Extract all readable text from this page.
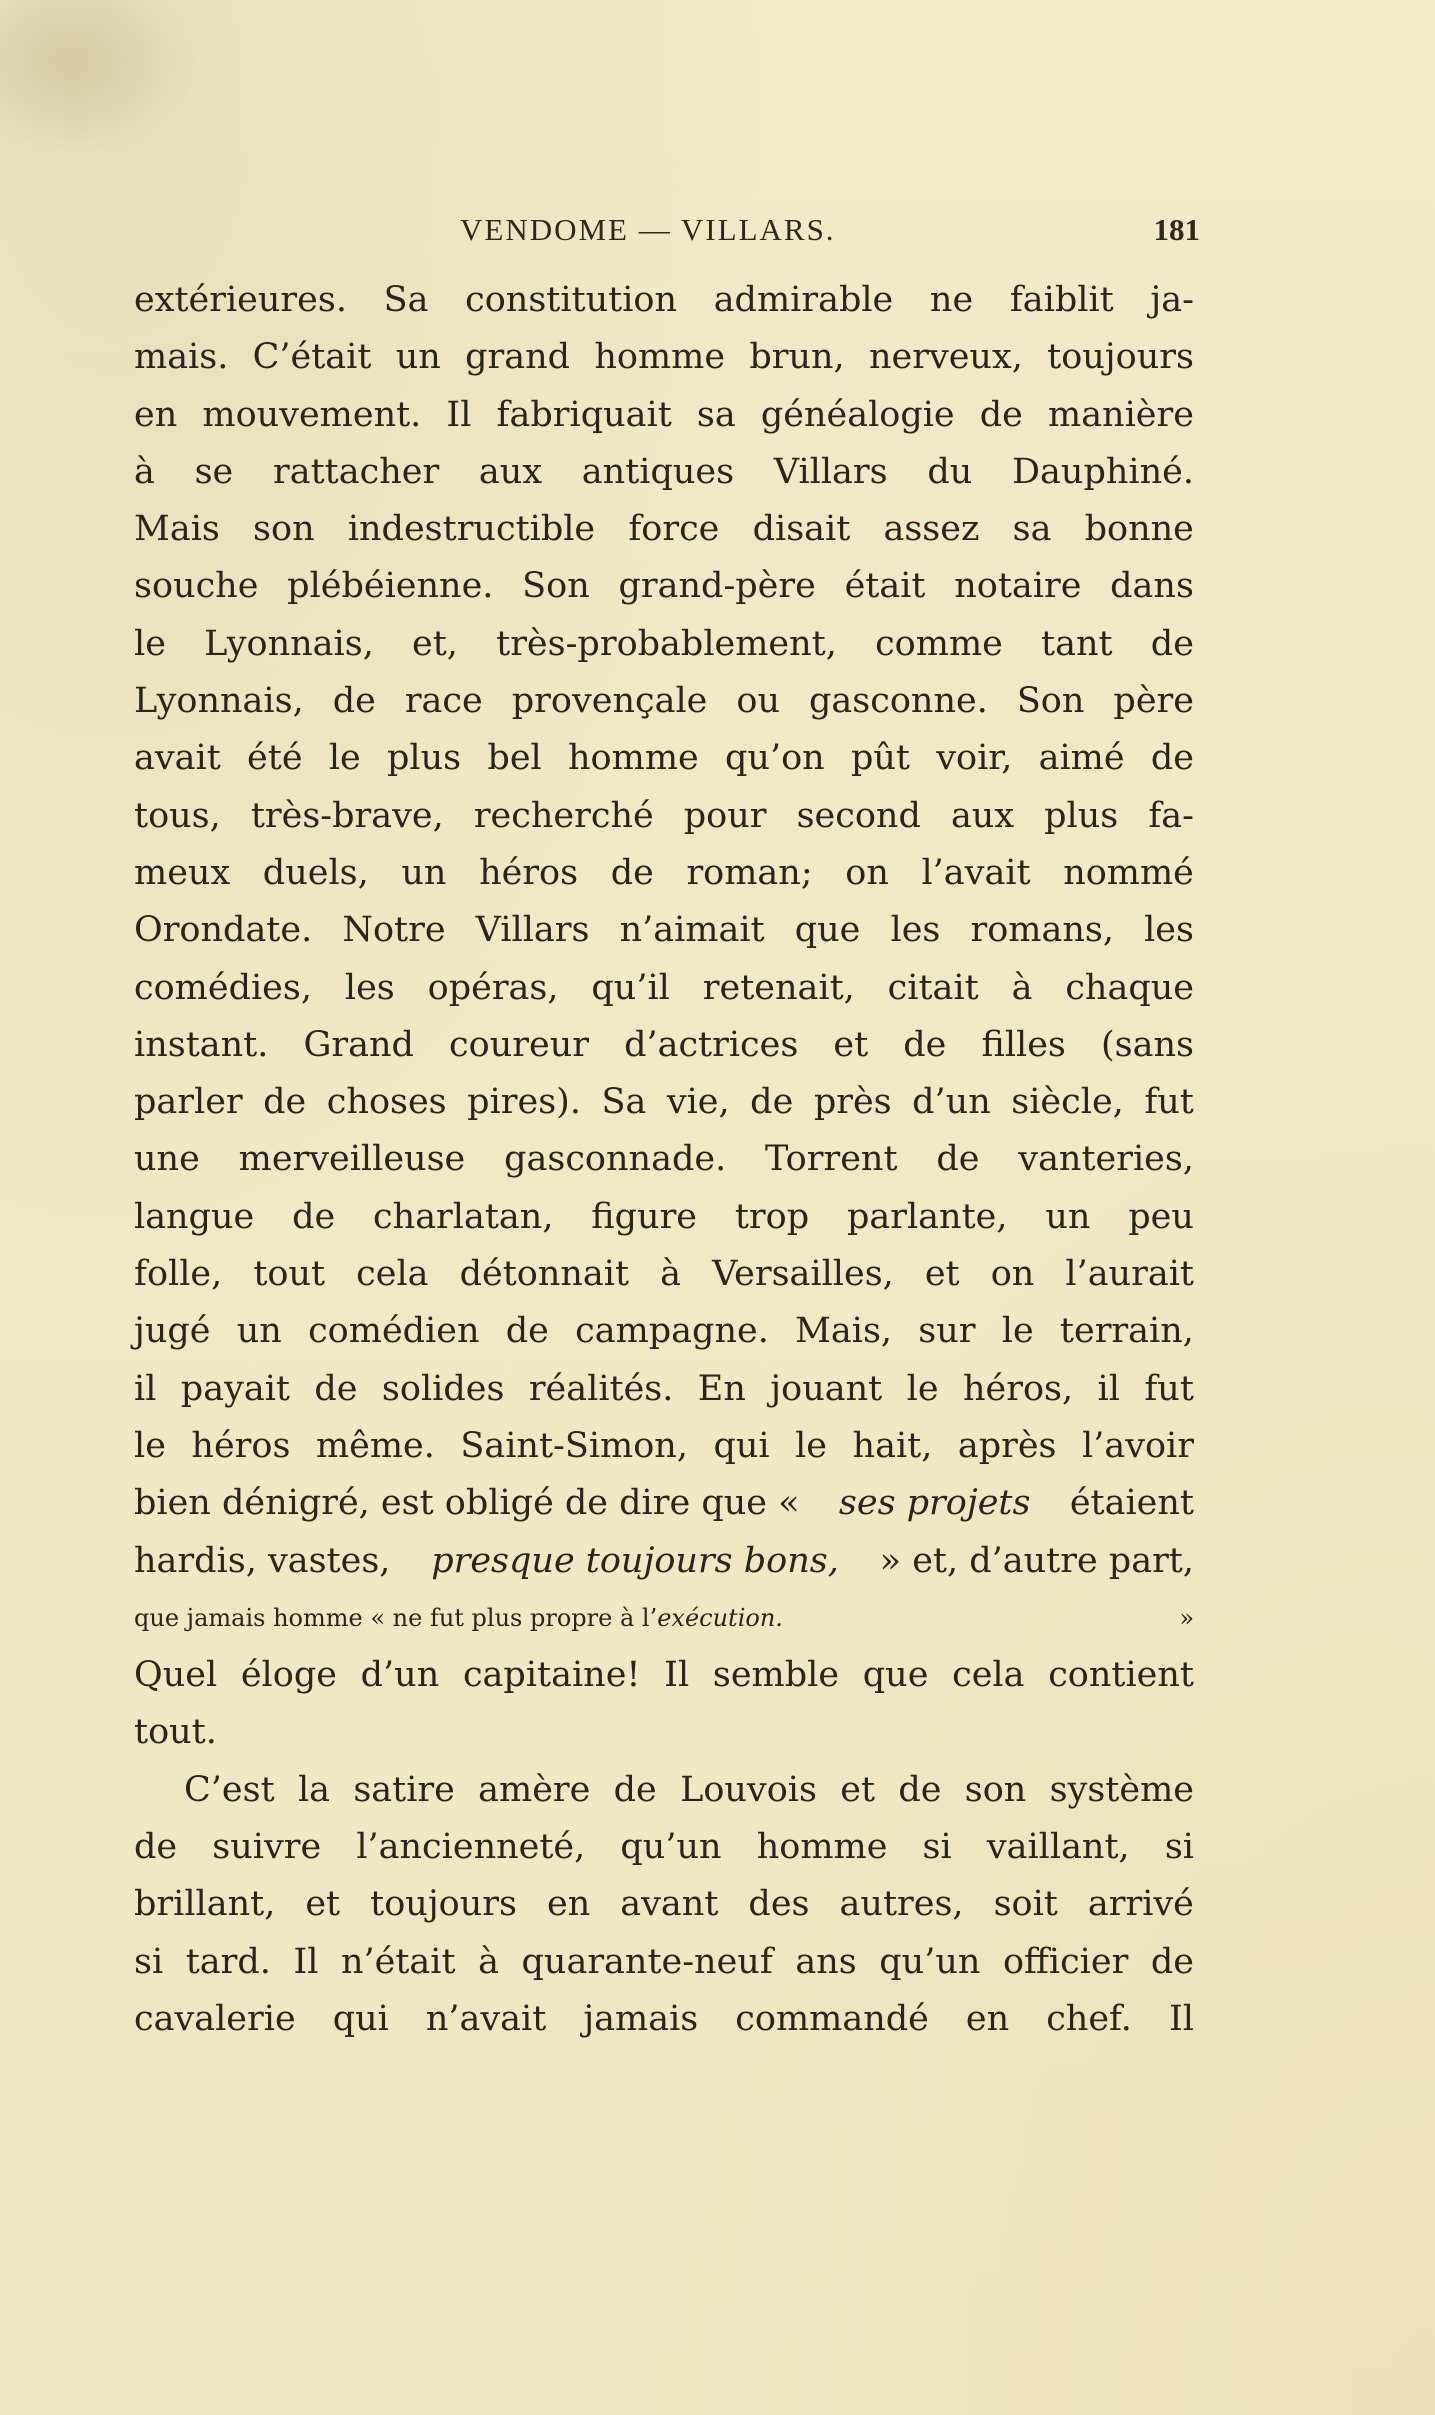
VENDOME — VILLARS.	181
extérieures. Sa constitution admirable ne faiblit ja-
mais. C’était un grand homme brun, nerveux, toujours
en mouvement. Il fabriquait sa généalogie de manière
à se rattacher aux antiques Villars du Dauphiné.
Mais son indestructible force disait assez sa bonne
souche plébéienne. Son grand-père était notaire dans
le Lyonnais, et, très-probablement, comme tant de
Lyonnais, de race provençale ou gasconne. Son père
avait été le plus bel homme qu’on pût voir, aimé de
tous, très-brave, recherché pour second aux plus fa-
meux duels, un héros de roman; on l’avait nommé
Orondate. Notre Villars n’aimait que les romans, les
comédies, les opéras, qu’il retenait, citait à chaque
instant. Grand coureur d’actrices et de filles (sans
parler de choses pires). Sa vie, de près d’un siècle, fut
une merveilleuse gasconnade. Torrent de vanteries,
langue de charlatan, figure trop parlante, un peu
folle, tout cela détonnait à Versailles, et on l’aurait
jugé un comédien de campagne. Mais, sur le terrain,
il payait de solides réalités. En jouant le héros, il fut
le héros même. Saint-Simon, qui le hait, après l’avoir
bien dénigré, est obligé de dire que « ses projets étaient
hardis, vastes, presque toujours bons, » et, d’autre part,
que jamais homme « ne fut plus propre à l’ exécution.	»
Quel éloge d’un capitaine! Il semble que cela contient
tout.
C’est la satire amère de Louvois et de son système
de suivre l’ancienneté, qu’un homme si vaillant, si
brillant, et toujours en avant des autres, soit arrivé
si tard. Il n’était à quarante-neuf ans qu’un officier de
cavalerie qui n’avait jamais commandé en chef. Il
